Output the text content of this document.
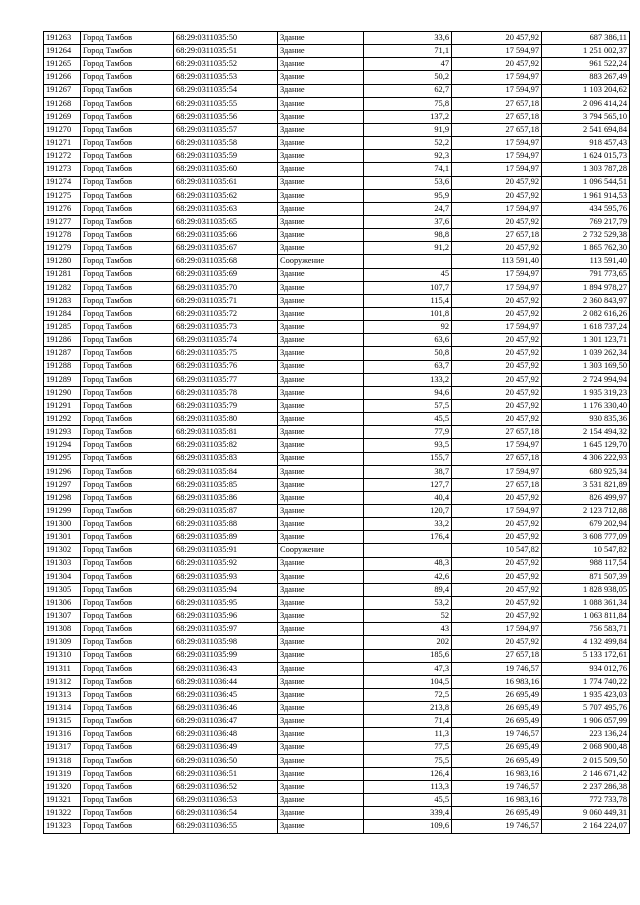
191263	Город Тамбов	68:29:0311035:50	Здание	33,6	20 457,92	687 386,11
191264	Город Тамбов	68:29:0311035:51	Здание	71,1	17 594,97	1 251 002,37
191265	Город Тамбов	68:29:0311035:52	Здание	47	20 457,92	961 522,24
191266	Город Тамбов	68:29:0311035:53	Здание	50,2	17 594,97	883 267,49
191267	Город Тамбов	68:29:0311035:54	Здание	62,7	17 594,97	1 103 204,62
191268	Город Тамбов	68:29:0311035:55	Здание	75,8	27 657,18	2 096 414,24
191269	Город Тамбов	68:29:0311035:56	Здание	137,2	27 657,18	3 794 565,10
191270	Город Тамбов	68:29:0311035:57	Здание	91,9	27 657,18	2 541 694,84
191271	Город Тамбов	68:29:0311035:58	Здание	52,2	17 594,97	918 457,43
191272	Город Тамбов	68:29:0311035:59	Здание	92,3	17 594,97	1 624 015,73
191273	Город Тамбов	68:29:0311035:60	Здание	74,1	17 594,97	1 303 787,28
191274	Город Тамбов	68:29:0311035:61	Здание	53,6	20 457,92	1 096 544,51
191275	Город Тамбов	68:29:0311035:62	Здание	95,9	20 457,92	1 961 914,53
191276	Город Тамбов	68:29:0311035:63	Здание	24,7	17 594,97	434 595,76
191277	Город Тамбов	68:29:0311035:65	Здание	37,6	20 457,92	769 217,79
191278	Город Тамбов	68:29:0311035:66	Здание	98,8	27 657,18	2 732 529,38
191279	Город Тамбов	68:29:0311035:67	Здание	91,2	20 457,92	1 865 762,30
191280	Город Тамбов	68:29:0311035:68	Сооружение		113 591,40	113 591,40
191281	Город Тамбов	68:29:0311035:69	Здание	45	17 594,97	791 773,65
191282	Город Тамбов	68:29:0311035:70	Здание	107,7	17 594,97	1 894 978,27
191283	Город Тамбов	68:29:0311035:71	Здание	115,4	20 457,92	2 360 843,97
191284	Город Тамбов	68:29:0311035:72	Здание	101,8	20 457,92	2 082 616,26
191285	Город Тамбов	68:29:0311035:73	Здание	92	17 594,97	1 618 737,24
191286	Город Тамбов	68:29:0311035:74	Здание	63,6	20 457,92	1 301 123,71
191287	Город Тамбов	68:29:0311035:75	Здание	50,8	20 457,92	1 039 262,34
191288	Город Тамбов	68:29:0311035:76	Здание	63,7	20 457,92	1 303 169,50
191289	Город Тамбов	68:29:0311035:77	Здание	133,2	20 457,92	2 724 994,94
191290	Город Тамбов	68:29:0311035:78	Здание	94,6	20 457,92	1 935 319,23
191291	Город Тамбов	68:29:0311035:79	Здание	57,5	20 457,92	1 176 330,40
191292	Город Тамбов	68:29:0311035:80	Здание	45,5	20 457,92	930 835,36
191293	Город Тамбов	68:29:0311035:81	Здание	77,9	27 657,18	2 154 494,32
191294	Город Тамбов	68:29:0311035:82	Здание	93,5	17 594,97	1 645 129,70
191295	Город Тамбов	68:29:0311035:83	Здание	155,7	27 657,18	4 306 222,93
191296	Город Тамбов	68:29:0311035:84	Здание	38,7	17 594,97	680 925,34
191297	Город Тамбов	68:29:0311035:85	Здание	127,7	27 657,18	3 531 821,89
191298	Город Тамбов	68:29:0311035:86	Здание	40,4	20 457,92	826 499,97
191299	Город Тамбов	68:29:0311035:87	Здание	120,7	17 594,97	2 123 712,88
191300	Город Тамбов	68:29:0311035:88	Здание	33,2	20 457,92	679 202,94
191301	Город Тамбов	68:29:0311035:89	Здание	176,4	20 457,92	3 608 777,09
191302	Город Тамбов	68:29:0311035:91	Сооружение		10 547,82	10 547,82
191303	Город Тамбов	68:29:0311035:92	Здание	48,3	20 457,92	988 117,54
191304	Город Тамбов	68:29:0311035:93	Здание	42,6	20 457,92	871 507,39
191305	Город Тамбов	68:29:0311035:94	Здание	89,4	20 457,92	1 828 938,05
191306	Город Тамбов	68:29:0311035:95	Здание	53,2	20 457,92	1 088 361,34
191307	Город Тамбов	68:29:0311035:96	Здание	52	20 457,92	1 063 811,84
191308	Город Тамбов	68:29:0311035:97	Здание	43	17 594,97	756 583,71
191309	Город Тамбов	68:29:0311035:98	Здание	202	20 457,92	4 132 499,84
191310	Город Тамбов	68:29:0311035:99	Здание	185,6	27 657,18	5 133 172,61
191311	Город Тамбов	68:29:0311036:43	Здание	47,3	19 746,57	934 012,76
191312	Город Тамбов	68:29:0311036:44	Здание	104,5	16 983,16	1 774 740,22
191313	Город Тамбов	68:29:0311036:45	Здание	72,5	26 695,49	1 935 423,03
191314	Город Тамбов	68:29:0311036:46	Здание	213,8	26 695,49	5 707 495,76
191315	Город Тамбов	68:29:0311036:47	Здание	71,4	26 695,49	1 906 057,99
191316	Город Тамбов	68:29:0311036:48	Здание	11,3	19 746,57	223 136,24
191317	Город Тамбов	68:29:0311036:49	Здание	77,5	26 695,49	2 068 900,48
191318	Город Тамбов	68:29:0311036:50	Здание	75,5	26 695,49	2 015 509,50
191319	Город Тамбов	68:29:0311036:51	Здание	126,4	16 983,16	2 146 671,42
191320	Город Тамбов	68:29:0311036:52	Здание	113,3	19 746,57	2 237 286,38
191321	Город Тамбов	68:29:0311036:53	Здание	45,5	16 983,16	772 733,78
191322	Город Тамбов	68:29:0311036:54	Здание	339,4	26 695,49	9 060 449,31
191323	Город Тамбов	68:29:0311036:55	Здание	109,6	19 746,57	2 164 224,07
